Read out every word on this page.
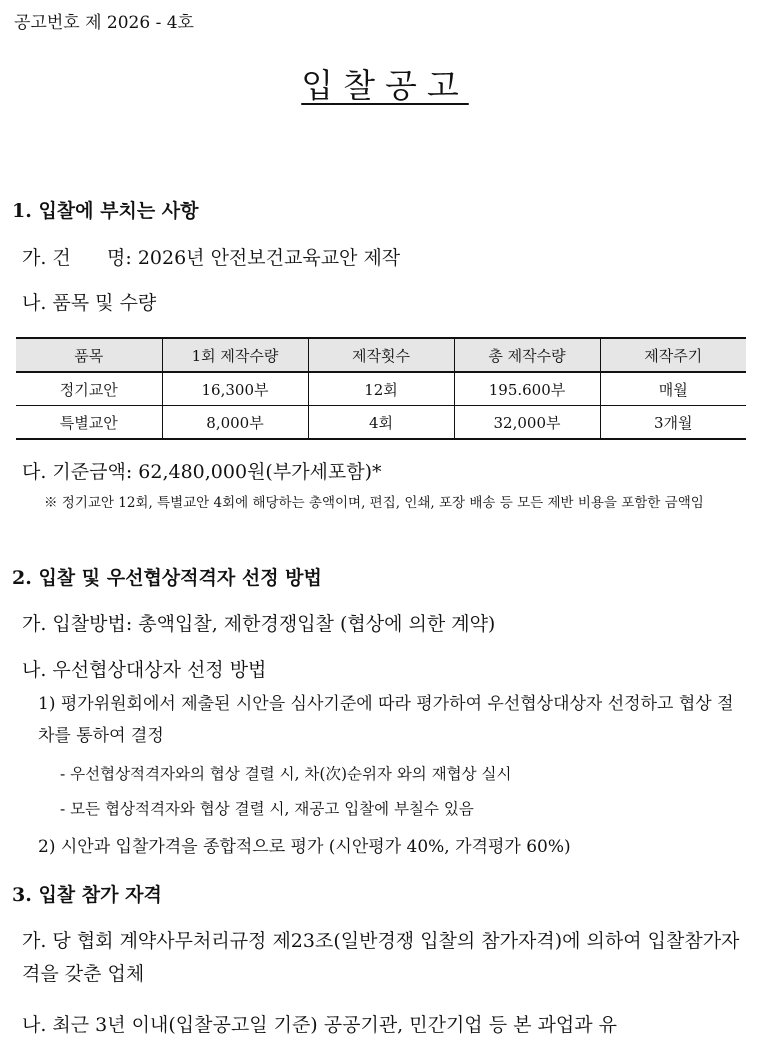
공고번호 제 2026 - 4호
입찰공고
1. 입찰에 부치는 사항
가. 건      명: 2026년 안전보건교육교안 제작
나. 품목 및 수량
품목	1회 제작수량	제작횟수	총 제작수량	제작주기
정기교안	16,300부	12회	195.600부	매월
특별교안	8,000부	4회	32,000부	3개월
다. 기준금액: 62,480,000원(부가세포함)*
※ 정기교안 12회, 특별교안 4회에 해당하는 총액이며, 편집, 인쇄, 포장 배송 등 모든 제반 비용을 포함한 금액임
2. 입찰 및 우선협상적격자 선정 방법
가. 입찰방법: 총액입찰, 제한경쟁입찰 (협상에 의한 계약)
나. 우선협상대상자 선정 방법
1) 평가위원회에서 제출된 시안을 심사기준에 따라 평가하여 우선협상대상자 선정하고 협상 절차를 통하여 결정
- 우선협상적격자와의 협상 결렬 시, 차(次)순위자 와의 재협상 실시
- 모든 협상적격자와 협상 결렬 시, 재공고 입찰에 부칠수 있음
2) 시안과 입찰가격을 종합적으로 평가 (시안평가 40%, 가격평가 60%)
3. 입찰 참가 자격
가. 당 협회 계약사무처리규정 제23조(일반경쟁 입찰의 참가자격)에 의하여 입찰참가자격을 갖춘 업체
나. 최근 3년 이내(입찰공고일 기준) 공공기관, 민간기업 등 본 과업과 유
